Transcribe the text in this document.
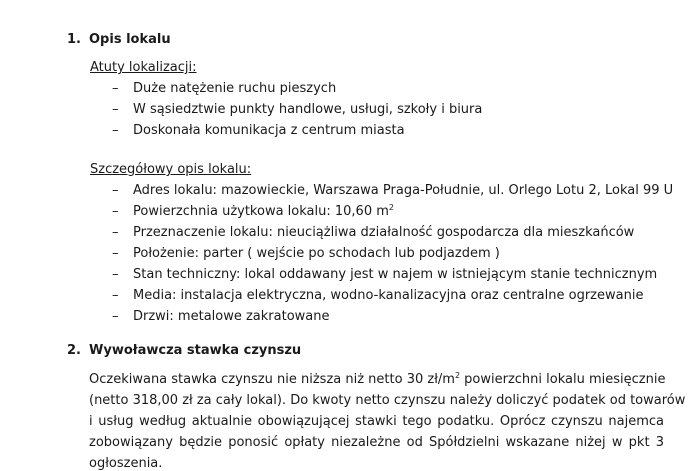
1. Opis lokalu
Atuty lokalizacji:
– Duże natężenie ruchu pieszych
– W sąsiedztwie punkty handlowe, usługi, szkoły i biura
– Doskonała komunikacja z centrum miasta
Szczegółowy opis lokalu:
– Adres lokalu: mazowieckie, Warszawa Praga-Południe, ul. Orlego Lotu 2, Lokal 99 U
– Powierzchnia użytkowa lokalu: 10,60 $m^2$
– Przeznaczenie lokalu: nieuciążliwa działalność gospodarcza dla mieszkańców
– Położenie: parter ( wejście po schodach lub podjazdem )
– Stan techniczny: lokal oddawany jest w najem w istniejącym stanie technicznym
– Media: instalacja elektryczna, wodno-kanalizacyjna oraz centralne ogrzewanie
– Drzwi: metalowe zakratowane
2. Wywoławcza stawka czynszu
Oczekiwana stawka czynszu nie niższa niż netto 30 $zł/m^2$ powierzchni lokalu miesięcznie
(netto 318,00 zł za cały lokal). Do kwoty netto czynszu należy doliczyć podatek od towarów
i usług według aktualnie obowiązującej stawki tego podatku. Oprócz czynszu najemca
zobowiązany będzie ponosić opłaty niezależne od Spółdzielni wskazane niżej w pkt 3
ogłoszenia.
